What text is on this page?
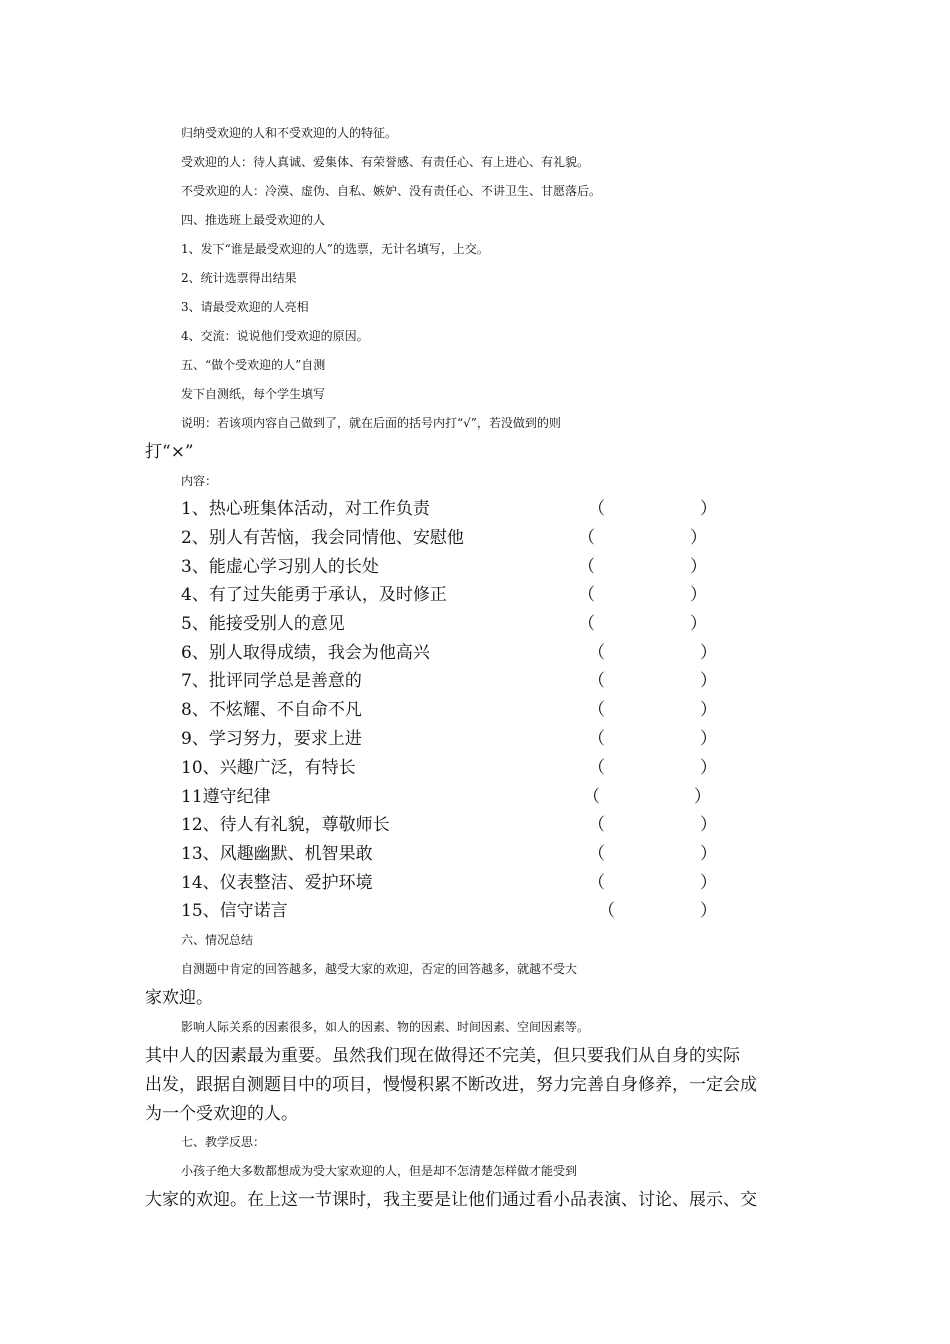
归纳受欢迎的人和不受欢迎的人的特征。
受欢迎的人：待人真诚、爱集体、有荣誉感、有责任心、有上进心、有礼貌。
不受欢迎的人：冷漠、虚伪、自私、嫉妒、没有责任心、不讲卫生、甘愿落后。
四、推选班上最受欢迎的人
1、发下“谁是最受欢迎的人”的选票，无计名填写，上交。
2、统计选票得出结果
3、请最受欢迎的人亮相
4、交流：说说他们受欢迎的原因。
五、“做个受欢迎的人”自测
发下自测纸，每个学生填写
说明：若该项内容自己做到了，就在后面的括号内打“√”，若没做到的则
打“×”
内容：
1、热心班集体活动，对工作负责	（	）
2、别人有苦恼，我会同情他、安慰他	（	）
3、能虚心学习别人的长处	（	）
4、有了过失能勇于承认，及时修正	（	）
5、能接受别人的意见	（	）
6、别人取得成绩，我会为他高兴	（	）
7、批评同学总是善意的	（	）
8、不炫耀、不自命不凡	（	）
9、学习努力，要求上进	（	）
10、兴趣广泛，有特长	（	）
11遵守纪律	（	）
12、待人有礼貌，尊敬师长	（	）
13、风趣幽默、机智果敢	（	）
14、仪表整洁、爱护环境	（	）
15、信守诺言	（	）
六、情况总结
自测题中肯定的回答越多，越受大家的欢迎，否定的回答越多，就越不受大
家欢迎。
影响人际关系的因素很多，如人的因素、物的因素、时间因素、空间因素等。
其中人的因素最为重要。虽然我们现在做得还不完美，但只要我们从自身的实际
出发，跟据自测题目中的项目，慢慢积累不断改进，努力完善自身修养，一定会成
为一个受欢迎的人。
七、教学反思：
小孩子绝大多数都想成为受大家欢迎的人，但是却不怎清楚怎样做才能受到
大家的欢迎。在上这一节课时，我主要是让他们通过看小品表演、讨论、展示、交
